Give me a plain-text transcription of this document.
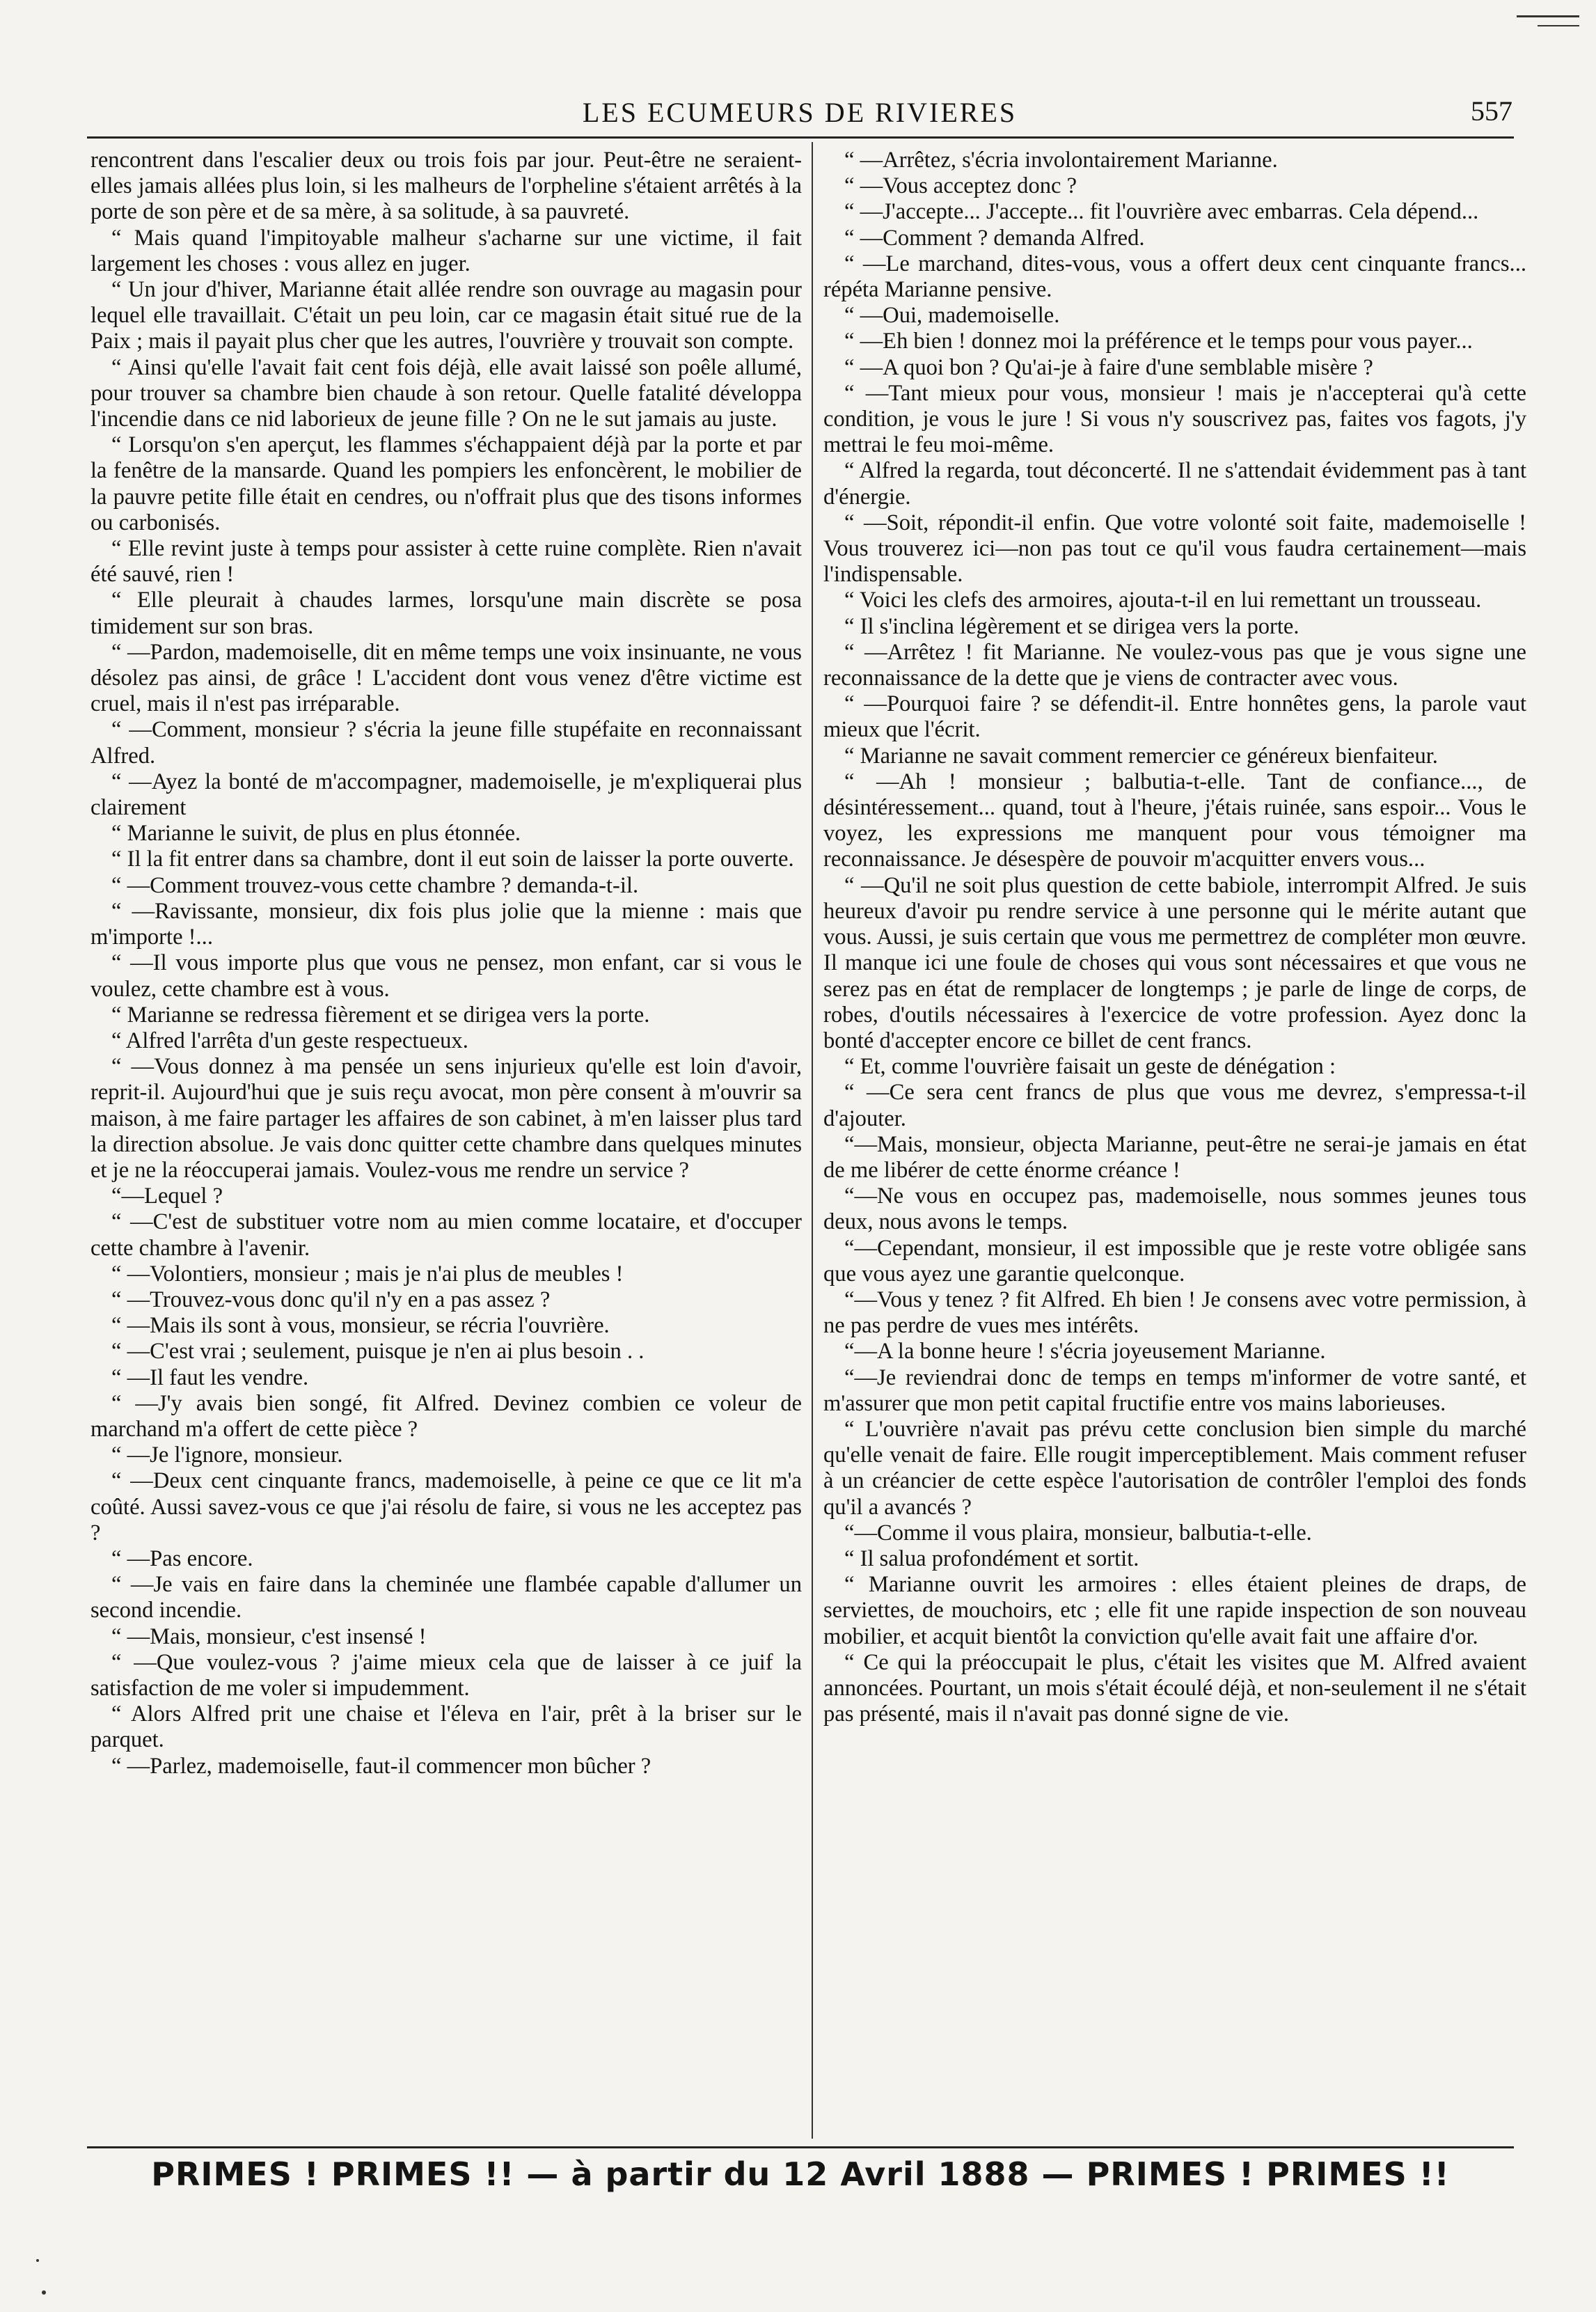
LES ECUMEURS DE RIVIERES	557

rencontrent dans l'escalier deux ou trois fois par jour. Peut-être ne seraient-elles jamais allées plus loin, si les malheurs de l'orpheline s'étaient arrêtés à la porte de son père et de sa mère, à sa solitude, à sa pauvreté.

“ Mais quand l'impitoyable malheur s'acharne sur une victime, il fait largement les choses : vous allez en juger.

“ Un jour d'hiver, Marianne était allée rendre son ouvrage au magasin pour lequel elle travaillait. C'était un peu loin, car ce magasin était situé rue de la Paix ; mais il payait plus cher que les autres, l'ouvrière y trouvait son compte.

“ Ainsi qu'elle l'avait fait cent fois déjà, elle avait laissé son poêle allumé, pour trouver sa chambre bien chaude à son retour. Quelle fatalité développa l'incendie dans ce nid laborieux de jeune fille ? On ne le sut jamais au juste.

“ Lorsqu'on s'en aperçut, les flammes s'échappaient déjà par la porte et par la fenêtre de la mansarde. Quand les pompiers les enfoncèrent, le mobilier de la pauvre petite fille était en cendres, ou n'offrait plus que des tisons informes ou carbonisés.

“ Elle revint juste à temps pour assister à cette ruine complète. Rien n'avait été sauvé, rien !

“ Elle pleurait à chaudes larmes, lorsqu'une main discrète se posa timidement sur son bras.

“ —Pardon, mademoiselle, dit en même temps une voix insinuante, ne vous désolez pas ainsi, de grâce ! L'accident dont vous venez d'être victime est cruel, mais il n'est pas irréparable.

“ —Comment, monsieur ? s'écria la jeune fille stupéfaite en reconnaissant Alfred.

“ —Ayez la bonté de m'accompagner, mademoiselle, je m'expliquerai plus clairement

“ Marianne le suivit, de plus en plus étonnée.

“ Il la fit entrer dans sa chambre, dont il eut soin de laisser la porte ouverte.

“ —Comment trouvez-vous cette chambre ? demanda-t-il.

“ —Ravissante, monsieur, dix fois plus jolie que la mienne : mais que m'importe !...

“ —Il vous importe plus que vous ne pensez, mon enfant, car si vous le voulez, cette chambre est à vous.

“ Marianne se redressa fièrement et se dirigea vers la porte.

“ Alfred l'arrêta d'un geste respectueux.

“ —Vous donnez à ma pensée un sens injurieux qu'elle est loin d'avoir, reprit-il. Aujourd'hui que je suis reçu avocat, mon père consent à m'ouvrir sa maison, à me faire partager les affaires de son cabinet, à m'en laisser plus tard la direction absolue. Je vais donc quitter cette chambre dans quelques minutes et je ne la réoccuperai jamais. Voulez-vous me rendre un service ?

“—Lequel ?

“ —C'est de substituer votre nom au mien comme locataire, et d'occuper cette chambre à l'avenir.

“ —Volontiers, monsieur ; mais je n'ai plus de meubles !

“ —Trouvez-vous donc qu'il n'y en a pas assez ?

“ —Mais ils sont à vous, monsieur, se récria l'ouvrière.

“ —C'est vrai ; seulement, puisque je n'en ai plus besoin . .

“ —Il faut les vendre.

“ —J'y avais bien songé, fit Alfred. Devinez combien ce voleur de marchand m'a offert de cette pièce ?

“ —Je l'ignore, monsieur.

“ —Deux cent cinquante francs, mademoiselle, à peine ce que ce lit m'a coûté. Aussi savez-vous ce que j'ai résolu de faire, si vous ne les acceptez pas ?

“ —Pas encore.

“ —Je vais en faire dans la cheminée une flambée capable d'allumer un second incendie.

“ —Mais, monsieur, c'est insensé !

“ —Que voulez-vous ? j'aime mieux cela que de laisser à ce juif la satisfaction de me voler si impudemment.

“ Alors Alfred prit une chaise et l'éleva en l'air, prêt à la briser sur le parquet.

“ —Parlez, mademoiselle, faut-il commencer mon bûcher ?

“ —Arrêtez, s'écria involontairement Marianne.

“ —Vous acceptez donc ?

“ —J'accepte... J'accepte... fit l'ouvrière avec embarras. Cela dépend...

“ —Comment ? demanda Alfred.

“ —Le marchand, dites-vous, vous a offert deux cent cinquante francs... répéta Marianne pensive.

“ —Oui, mademoiselle.

“ —Eh bien ! donnez moi la préférence et le temps pour vous payer...

“ —A quoi bon ? Qu'ai-je à faire d'une semblable misère ?

“ —Tant mieux pour vous, monsieur ! mais je n'accepterai qu'à cette condition, je vous le jure ! Si vous n'y souscrivez pas, faites vos fagots, j'y mettrai le feu moi-même.

“ Alfred la regarda, tout déconcerté. Il ne s'attendait évidemment pas à tant d'énergie.

“ —Soit, répondit-il enfin. Que votre volonté soit faite, mademoiselle ! Vous trouverez ici—non pas tout ce qu'il vous faudra certainement—mais l'indispensable.

“ Voici les clefs des armoires, ajouta-t-il en lui remettant un trousseau.

“ Il s'inclina légèrement et se dirigea vers la porte.

“ —Arrêtez ! fit Marianne. Ne voulez-vous pas que je vous signe une reconnaissance de la dette que je viens de contracter avec vous.

“ —Pourquoi faire ? se défendit-il. Entre honnêtes gens, la parole vaut mieux que l'écrit.

“ Marianne ne savait comment remercier ce généreux bienfaiteur.

“ —Ah ! monsieur ; balbutia-t-elle. Tant de confiance..., de désintéressement... quand, tout à l'heure, j'étais ruinée, sans espoir... Vous le voyez, les expressions me manquent pour vous témoigner ma reconnaissance. Je désespère de pouvoir m'acquitter envers vous...

“ —Qu'il ne soit plus question de cette babiole, interrompit Alfred. Je suis heureux d'avoir pu rendre service à une personne qui le mérite autant que vous. Aussi, je suis certain que vous me permettrez de compléter mon œuvre. Il manque ici une foule de choses qui vous sont nécessaires et que vous ne serez pas en état de remplacer de longtemps ; je parle de linge de corps, de robes, d'outils nécessaires à l'exercice de votre profession. Ayez donc la bonté d'accepter encore ce billet de cent francs.

“ Et, comme l'ouvrière faisait un geste de dénégation :

“ —Ce sera cent francs de plus que vous me devrez, s'empressa-t-il d'ajouter.

“—Mais, monsieur, objecta Marianne, peut-être ne serai-je jamais en état de me libérer de cette énorme créance !

“—Ne vous en occupez pas, mademoiselle, nous sommes jeunes tous deux, nous avons le temps.

“—Cependant, monsieur, il est impossible que je reste votre obligée sans que vous ayez une garantie quelconque.

“—Vous y tenez ? fit Alfred. Eh bien ! Je consens avec votre permission, à ne pas perdre de vues mes intérêts.

“—A la bonne heure ! s'écria joyeusement Marianne.

“—Je reviendrai donc de temps en temps m'informer de votre santé, et m'assurer que mon petit capital fructifie entre vos mains laborieuses.

“ L'ouvrière n'avait pas prévu cette conclusion bien simple du marché qu'elle venait de faire. Elle rougit imperceptiblement. Mais comment refuser à un créancier de cette espèce l'autorisation de contrôler l'emploi des fonds qu'il a avancés ?

“—Comme il vous plaira, monsieur, balbutia-t-elle.

“ Il salua profondément et sortit.

“ Marianne ouvrit les armoires : elles étaient pleines de draps, de serviettes, de mouchoirs, etc ; elle fit une rapide inspection de son nouveau mobilier, et acquit bientôt la conviction qu'elle avait fait une affaire d'or.

“ Ce qui la préoccupait le plus, c'était les visites que M. Alfred avaient annoncées. Pourtant, un mois s'était écoulé déjà, et non-seulement il ne s'était pas présenté, mais il n'avait pas donné signe de vie.

PRIMES ! PRIMES !! — à partir du 12 Avril 1888 — PRIMES ! PRIMES !!
